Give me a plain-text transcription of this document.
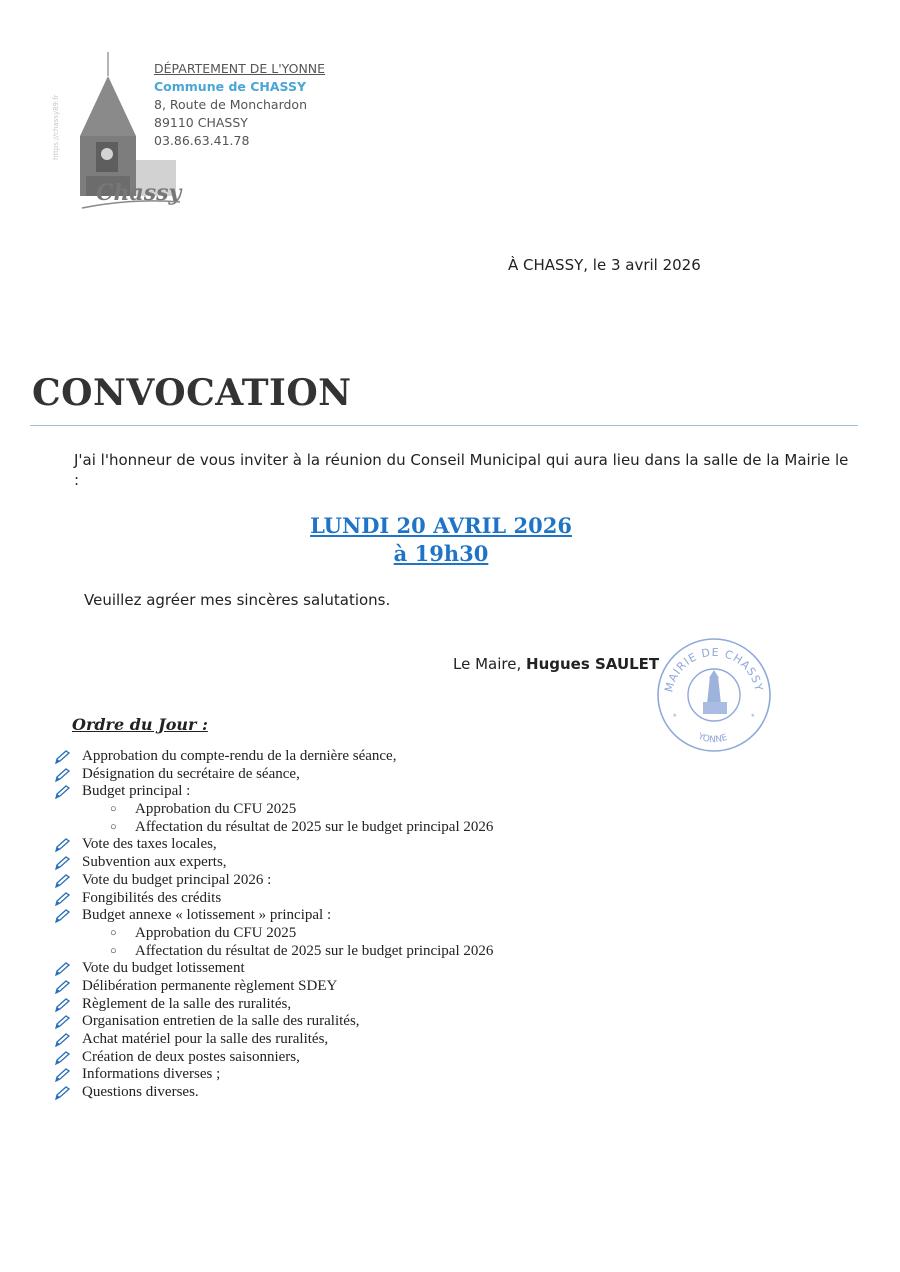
https://chassy89.fr
Chassy
DÉPARTEMENT DE L'YONNE
Commune de CHASSY
8, Route de Monchardon
89110 CHASSY
03.86.63.41.78
À CHASSY, le 3 avril 2026
CONVOCATION
J'ai l'honneur de vous inviter à la réunion du Conseil Municipal qui aura lieu dans la salle de la Mairie le :
LUNDI 20 AVRIL 2026
à 19h30
Veuillez agréer mes sincères salutations.
Le Maire, Hugues SAULET
MAIRIE DE CHASSY
YONNE
*	*
Ordre du Jour :
Approbation du compte-rendu de la dernière séance,
Désignation du secrétaire de séance,
Budget principal :
○ Approbation du CFU 2025
○ Affectation du résultat de 2025 sur le budget principal 2026
Vote des taxes locales,
Subvention aux experts,
Vote du budget principal 2026 :
Fongibilités des crédits
Budget annexe « lotissement » principal :
○ Approbation du CFU 2025
○ Affectation du résultat de 2025 sur le budget principal 2026
Vote du budget lotissement
Délibération permanente règlement SDEY
Règlement de la salle des ruralités,
Organisation entretien de la salle des ruralités,
Achat matériel pour la salle des ruralités,
Création de deux postes saisonniers,
Informations diverses ;
Questions diverses.
